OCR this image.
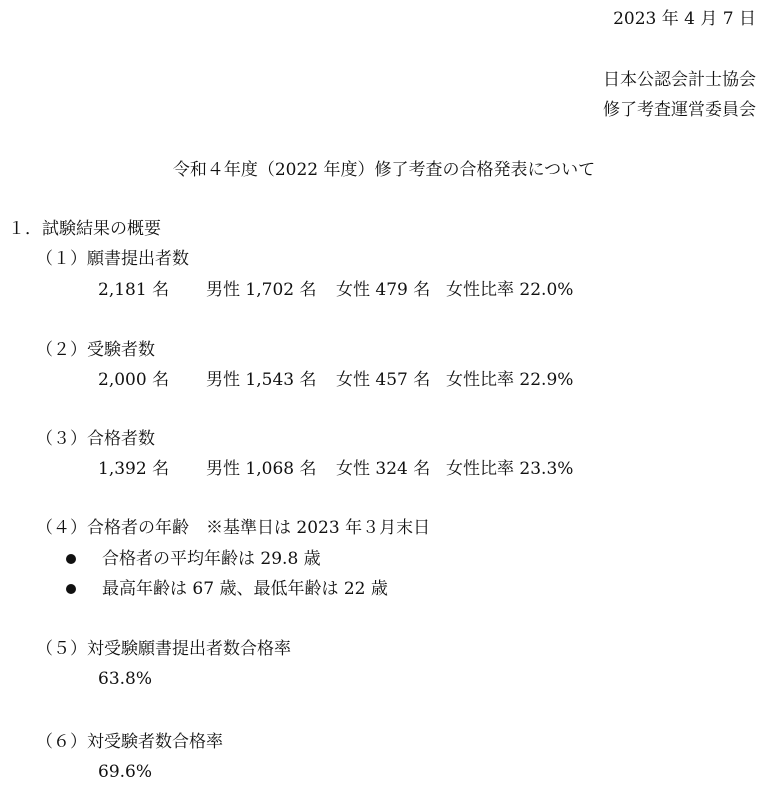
2023 年 4 月 7 日
日本公認会計士協会
修了考査運営委員会
令和４年度（2022 年度）修了考査の合格発表について
１．試験結果の概要
（１）願書提出者数
2,181 名 男性 1,702 名 女性 479 名 女性比率 22.0%
（２）受験者数
2,000 名 男性 1,543 名 女性 457 名 女性比率 22.9%
（３）合格者数
1,392 名 男性 1,068 名 女性 324 名 女性比率 23.3%
（４）合格者の年齢　※基準日は 2023 年３月末日
合格者の平均年齢は 29.8 歳
最高年齢は 67 歳、最低年齢は 22 歳
（５）対受験願書提出者数合格率
63.8%
（６）対受験者数合格率
69.6%
